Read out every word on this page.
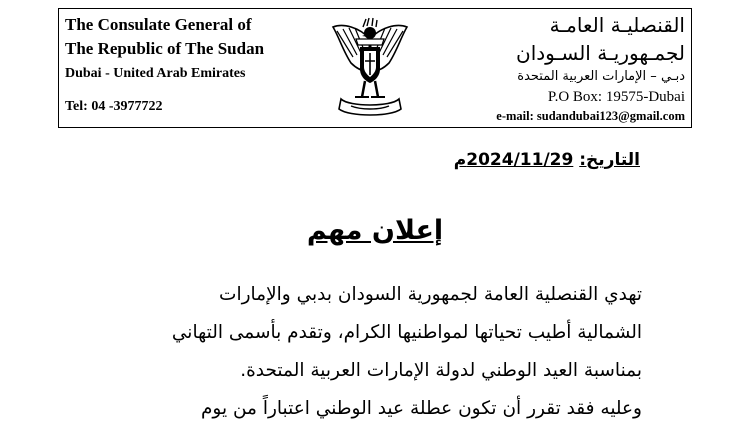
The Consulate General of
The Republic of The Sudan
Dubai - United Arab Emirates
Tel: 04 -3977722
القنصليـة العامـة
لجمـهوريـة السـودان
دبـي – الإمارات العربية المتحدة
P.O Box: 19575-Dubai
e-mail: sudandubai123@gmail.com
التاريخ: 2024/11/29م
إعلان مهم
تهدي القنصلية العامة لجمهورية السودان بدبي والإمارات
الشمالية أطيب تحياتها لمواطنيها الكرام، وتقدم بأسمى التهاني
بمناسبة العيد الوطني لدولة الإمارات العربية المتحدة.
وعليه فقد تقرر أن تكون عطلة عيد الوطني اعتباراً من يوم
